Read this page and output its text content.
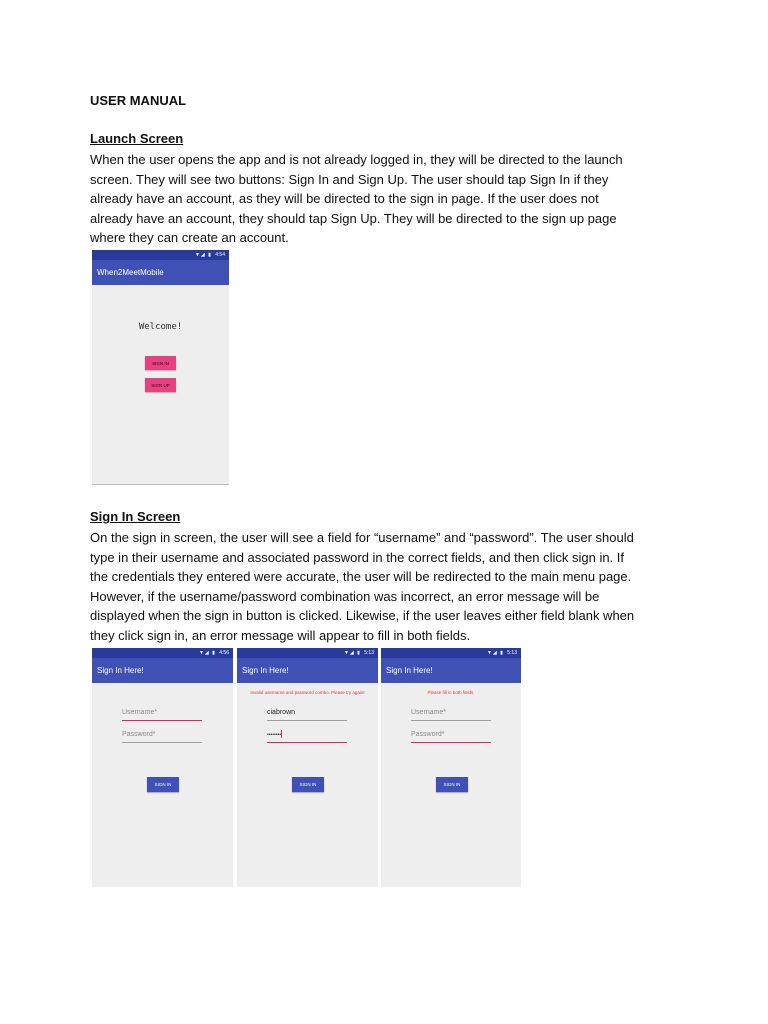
USER MANUAL
Launch Screen
When the user opens the app and is not already logged in, they will be directed to the launch
screen. They will see two buttons: Sign In and Sign Up. The user should tap Sign In if they
already have an account, as they will be directed to the sign in page. If the user does not
already have an account, they should tap Sign Up. They will be directed to the sign up page
where they can create an account.
▼◢ ▮ 4:54
When2MeetMobile
Welcome!
SIGN IN
SIGN UP
Sign In Screen
On the sign in screen, the user will see a field for “username” and “password”. The user should
type in their username and associated password in the correct fields, and then click sign in. If
the credentials they entered were accurate, the user will be redirected to the main menu page.
However, if the username/password combination was incorrect, an error message will be
displayed when the sign in button is clicked. Likewise, if the user leaves either field blank when
they click sign in, an error message will appear to fill in both fields.
▼◢ ▮ 4:56
Sign In Here!
Username*
Password*
SIGN IN
▼◢ ▮ 5:13
Sign In Here!
Invalid username and password combo. Please try again!
ciabrown
••••••••
SIGN IN
▼◢ ▮ 5:13
Sign In Here!
Please fill in both fields.
Username*
Password*
SIGN IN
